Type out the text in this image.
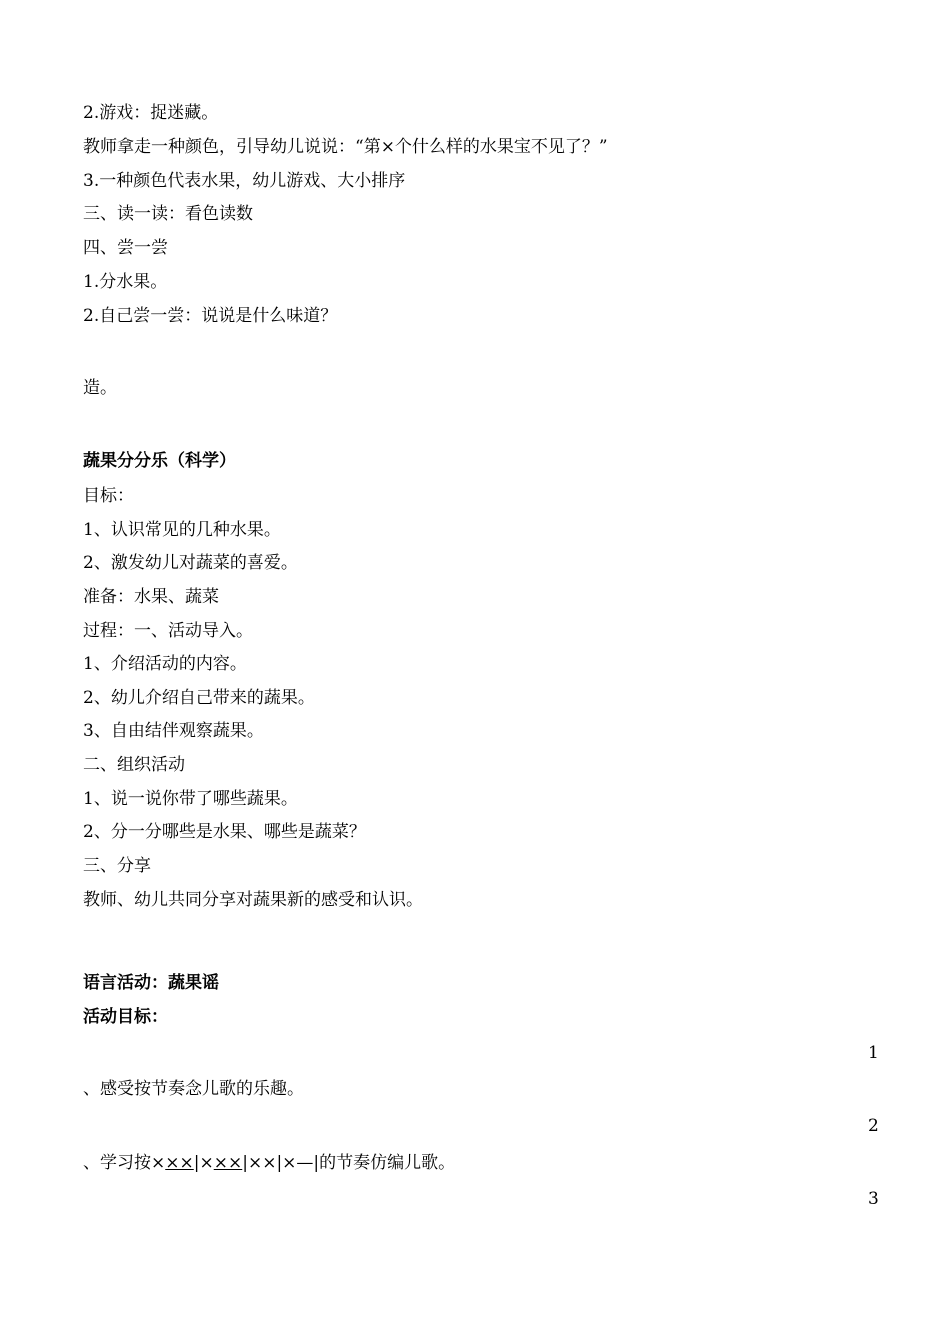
2.游戏：捉迷藏。
教师拿走一种颜色，引导幼儿说说：“第×个什么样的水果宝不见了？”
3.一种颜色代表水果，幼儿游戏、大小排序
三、读一读：看色读数
四、尝一尝
1.分水果。
2.自己尝一尝：说说是什么味道？
造。
蔬果分分乐（科学）
目标：
1、认识常见的几种水果。
2、激发幼儿对蔬菜的喜爱。
准备：水果、蔬菜
过程：一、活动导入。
1、介绍活动的内容。
2、幼儿介绍自己带来的蔬果。
3、自由结伴观察蔬果。
二、组织活动
1、说一说你带了哪些蔬果。
2、分一分哪些是水果、哪些是蔬菜？
三、分享
教师、幼儿共同分享对蔬果新的感受和认识。
语言活动：蔬果谣
活动目标：
1
、感受按节奏念儿歌的乐趣。
2
、学习按×××|×××|××|×—|的节奏仿编儿歌。
3
